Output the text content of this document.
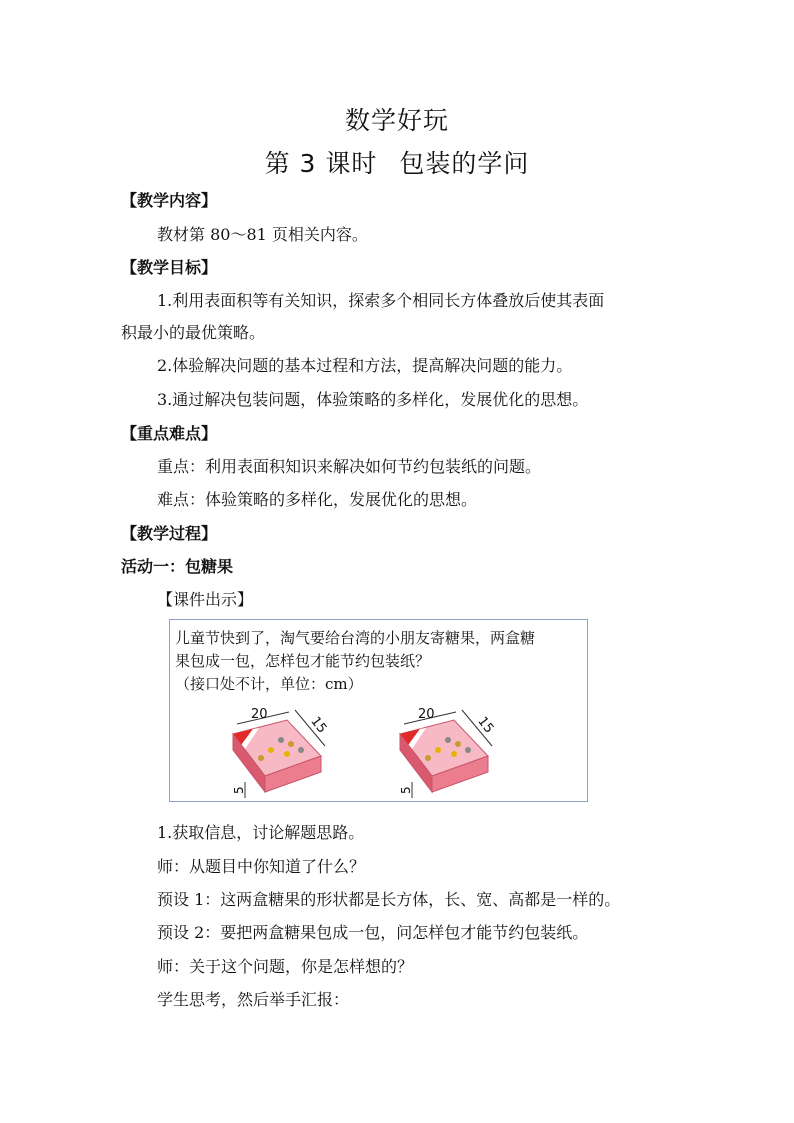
数学好玩
第 3 课时 包装的学问
【教学内容】
教材第 80～81 页相关内容。
【教学目标】
1.利用表面积等有关知识，探索多个相同长方体叠放后使其表面
积最小的最优策略。
2.体验解决问题的基本过程和方法，提高解决问题的能力。
3.通过解决包装问题，体验策略的多样化，发展优化的思想。
【重点难点】
重点：利用表面积知识来解决如何节约包装纸的问题。
难点：体验策略的多样化，发展优化的思想。
【教学过程】
活动一：包糖果
【课件出示】
儿童节快到了，淘气要给台湾的小朋友寄糖果，两盒糖
果包成一包，怎样包才能节约包装纸？
（接口处不计，单位：cm）
20	15
5
20	15
5
1.获取信息，讨论解题思路。
师：从题目中你知道了什么？
预设 1：这两盒糖果的形状都是长方体，长、宽、高都是一样的。
预设 2：要把两盒糖果包成一包，问怎样包才能节约包装纸。
师：关于这个问题，你是怎样想的？
学生思考，然后举手汇报：
